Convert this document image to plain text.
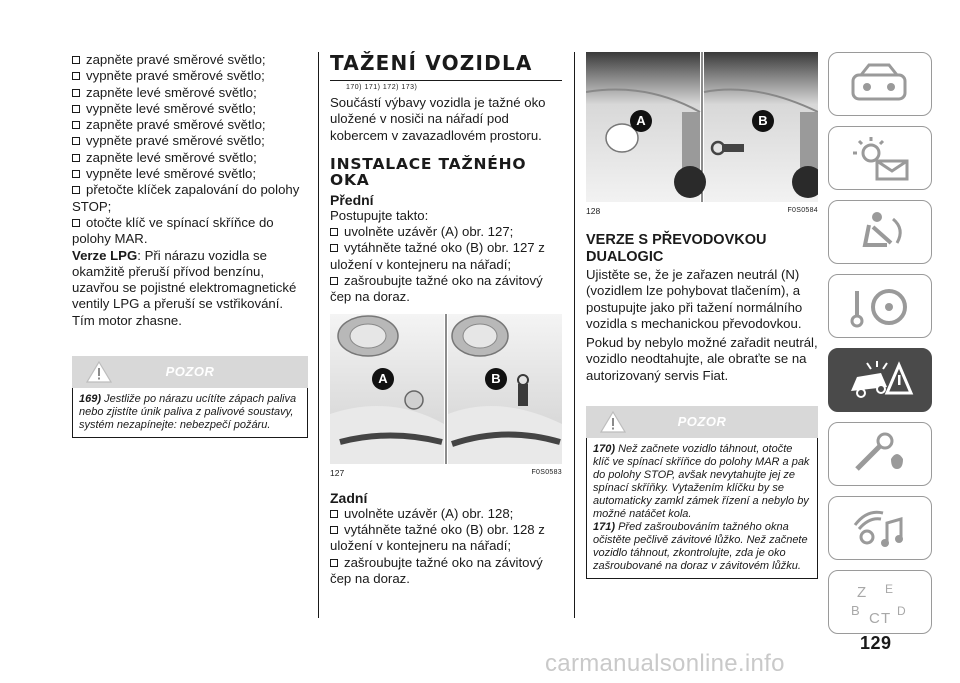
zapněte pravé směrové světlo;
vypněte pravé směrové světlo;
zapněte levé směrové světlo;
vypněte levé směrové světlo;
zapněte pravé směrové světlo;
vypněte pravé směrové světlo;
zapněte levé směrové světlo;
vypněte levé směrové světlo;
přetočte klíček zapalování do polohy STOP;
otočte klíč ve spínací skříňce do polohy MAR.
Verze LPG: Při nárazu vozidla se okamžitě přeruší přívod benzínu, uzavřou se pojistné elektromagnetické ventily LPG a přeruší se vstřikování. Tím motor zhasne.
POZOR
169) Jestliže po nárazu ucítíte zápach paliva nebo zjistíte únik paliva z palivové soustavy, systém nezapínejte: nebezpečí požáru.
TAŽENÍ VOZIDLA
170) 171) 172) 173)
Součástí výbavy vozidla je tažné oko uložené v nosiči na nářadí pod kobercem v zavazadlovém prostoru.
INSTALACE TAŽNÉHO OKA
Přední
Postupujte takto:
uvolněte uzávěr (A) obr. 127;
vytáhněte tažné oko (B) obr. 127 z uložení v kontejneru na nářadí;
zašroubujte tažné oko na závitový čep na doraz.
A	B
127	F0S0583
Zadní
uvolněte uzávěr (A) obr. 128;
vytáhněte tažné oko (B) obr. 128 z uložení v kontejneru na nářadí;
zašroubujte tažné oko na závitový čep na doraz.
A	B
128	F0S0584
VERZE S PŘEVODOVKOU DUALOGIC
Ujistěte se, že je zařazen neutrál (N) (vozidlem lze pohybovat tlačením), a postupujte jako při tažení normálního vozidla s mechanickou převodovkou.
Pokud by nebylo možné zařadit neutrál, vozidlo neodtahujte, ale obraťte se na autorizovaný servis Fiat.
POZOR
170) Než začnete vozidlo táhnout, otočte klíč ve spínací skříňce do polohy MAR a pak do polohy STOP, avšak nevytahujte jej ze spínací skříňky. Vytažením klíčku by se automaticky zamkl zámek řízení a nebylo by možné natáčet kola.
171) Před zašroubováním tažného okna očistěte pečlivě závitové lůžko. Než začnete vozidlo táhnout, zkontrolujte, zda je oko zašroubované na doraz v závitovém lůžku.
Z E
B C T D
129
carmanualsonline.info
